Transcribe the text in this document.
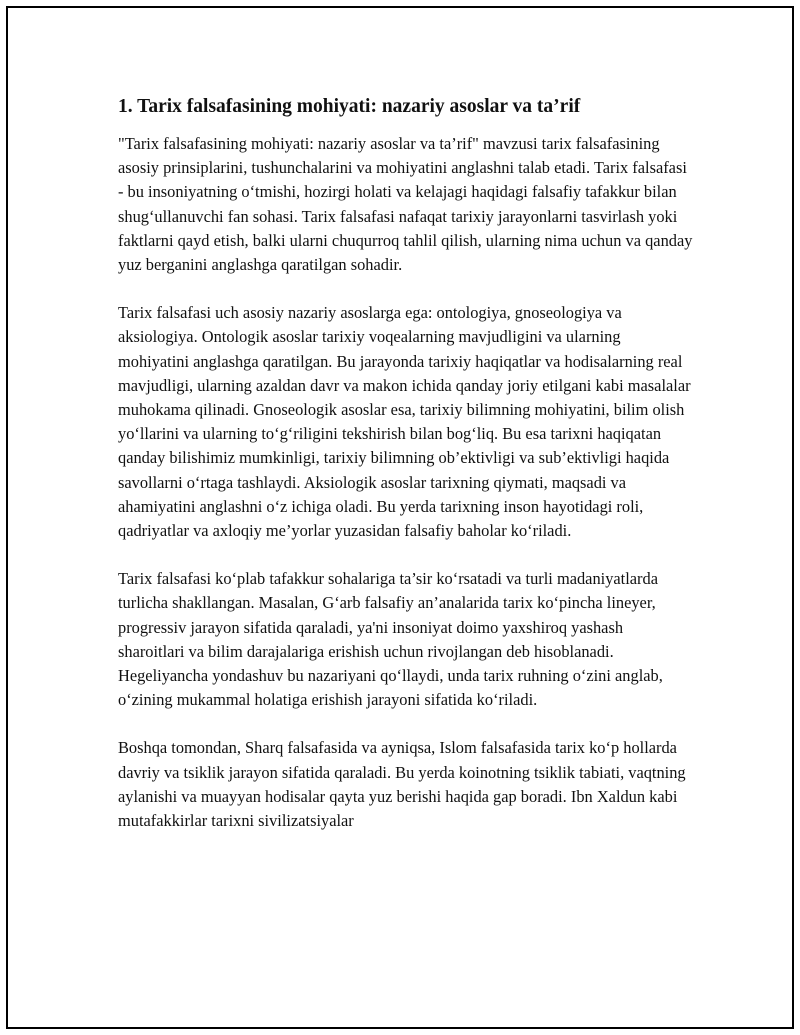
1. Tarix falsafasining mohiyati: nazariy asoslar va ta’rif

"Tarix falsafasining mohiyati: nazariy asoslar va ta’rif" mavzusi tarix falsafasining asosiy prinsiplarini, tushunchalarini va mohiyatini anglashni talab etadi. Tarix falsafasi - bu insoniyatning o‘tmishi, hozirgi holati va kelajagi haqidagi falsafiy tafakkur bilan shug‘ullanuvchi fan sohasi. Tarix falsafasi nafaqat tarixiy jarayonlarni tasvirlash yoki faktlarni qayd etish, balki ularni chuqurroq tahlil qilish, ularning nima uchun va qanday yuz berganini anglashga qaratilgan sohadir.

Tarix falsafasi uch asosiy nazariy asoslarga ega: ontologiya, gnoseologiya va aksiologiya. Ontologik asoslar tarixiy voqealarning mavjudligini va ularning mohiyatini anglashga qaratilgan. Bu jarayonda tarixiy haqiqatlar va hodisalarning real mavjudligi, ularning azaldan davr va makon ichida qanday joriy etilgani kabi masalalar muhokama qilinadi. Gnoseologik asoslar esa, tarixiy bilimning mohiyatini, bilim olish yo‘llarini va ularning to‘g‘riligini tekshirish bilan bog‘liq. Bu esa tarixni haqiqatan qanday bilishimiz mumkinligi, tarixiy bilimning ob’ektivligi va sub’ektivligi haqida savollarni o‘rtaga tashlaydi. Aksiologik asoslar tarixning qiymati, maqsadi va ahamiyatini anglashni o‘z ichiga oladi. Bu yerda tarixning inson hayotidagi roli, qadriyatlar va axloqiy me’yorlar yuzasidan falsafiy baholar ko‘riladi.

Tarix falsafasi ko‘plab tafakkur sohalariga ta’sir ko‘rsatadi va turli madaniyatlarda turlicha shakllangan. Masalan, G‘arb falsafiy an’analarida tarix ko‘pincha lineyer, progressiv jarayon sifatida qaraladi, ya'ni insoniyat doimo yaxshiroq yashash sharoitlari va bilim darajalariga erishish uchun rivojlangan deb hisoblanadi. Hegeliyancha yondashuv bu nazariyani qo‘llaydi, unda tarix ruhning o‘zini anglab, o‘zining mukammal holatiga erishish jarayoni sifatida ko‘riladi.

Boshqa tomondan, Sharq falsafasida va ayniqsa, Islom falsafasida tarix ko‘p hollarda davriy va tsiklik jarayon sifatida qaraladi. Bu yerda koinotning tsiklik tabiati, vaqtning aylanishi va muayyan hodisalar qayta yuz berishi haqida gap boradi. Ibn Xaldun kabi mutafakkirlar tarixni sivilizatsiyalar
